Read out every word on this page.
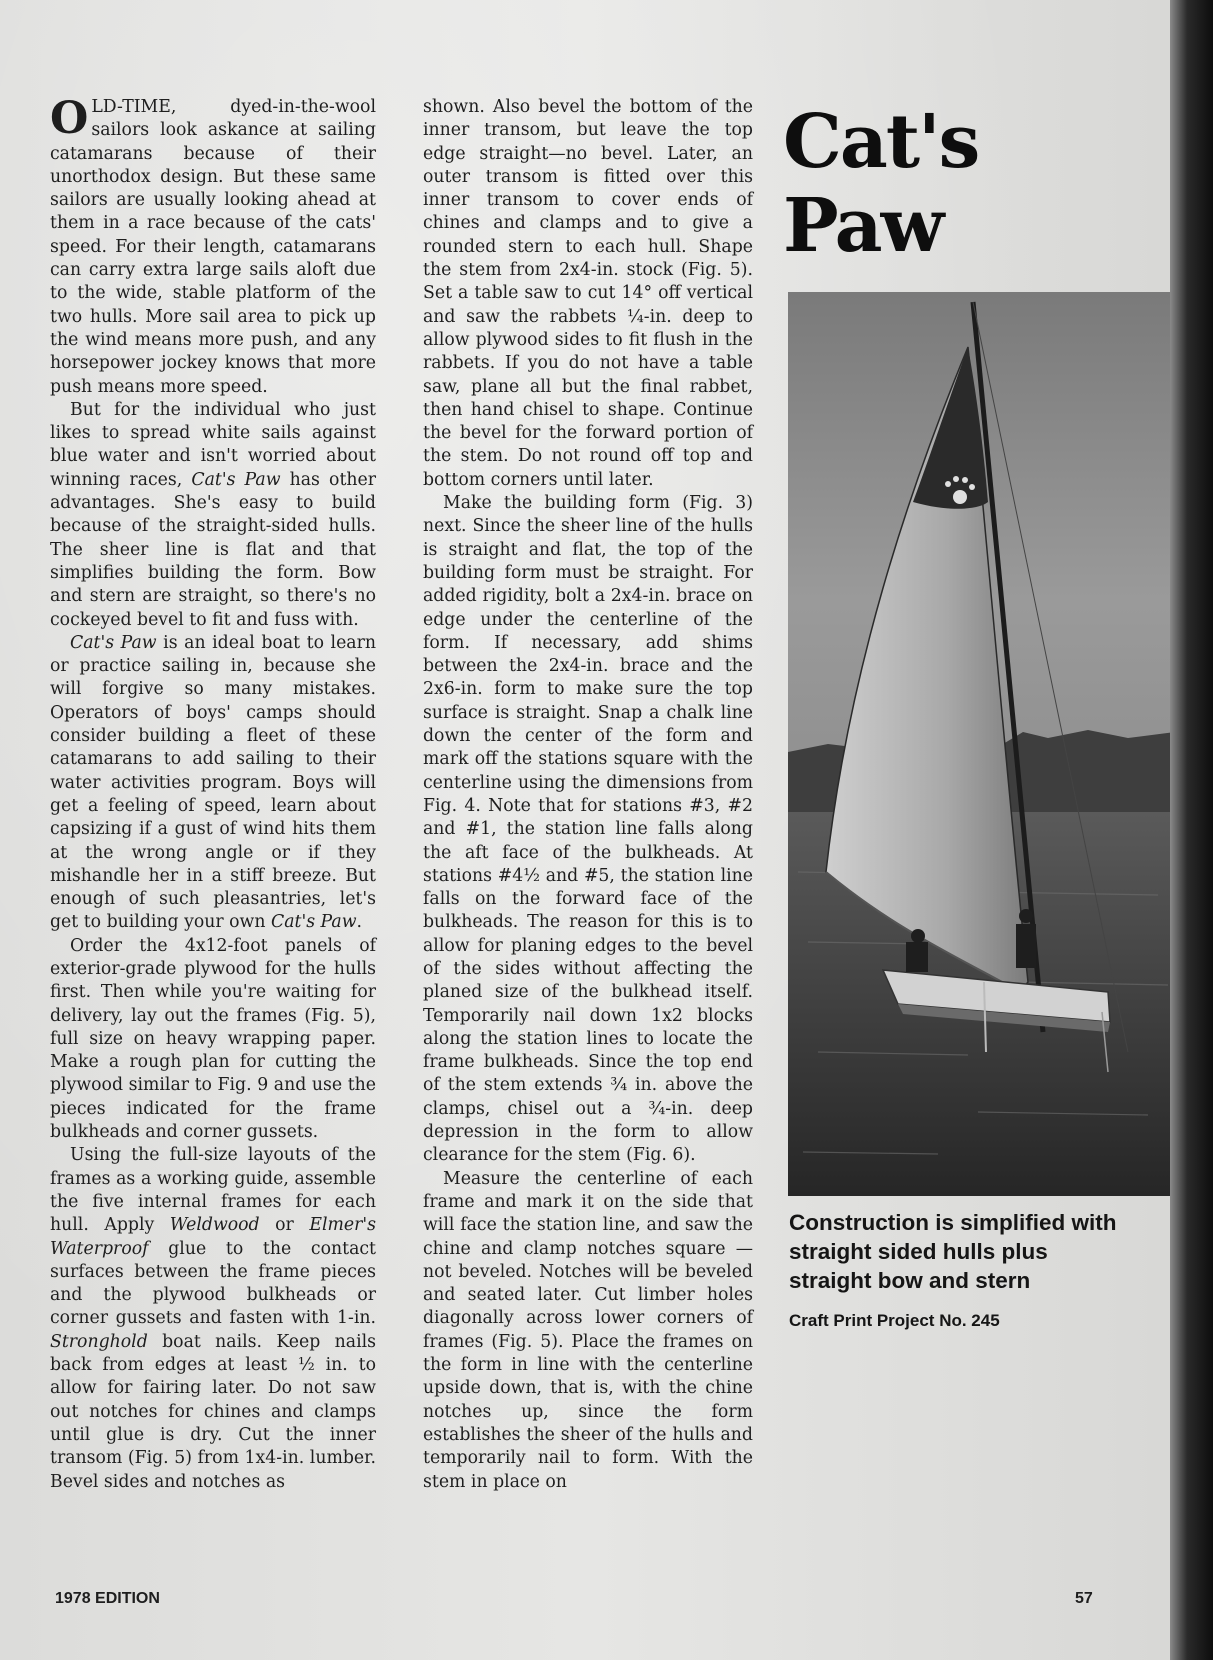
OLD-TIME, dyed-in-the-wool sailors look askance at sailing catamarans because of their unorthodox design. But these same sailors are usually looking ahead at them in a race because of the cats' speed. For their length, catamarans can carry extra large sails aloft due to the wide, stable platform of the two hulls. More sail area to pick up the wind means more push, and any horsepower jockey knows that more push means more speed.

But for the individual who just likes to spread white sails against blue water and isn't worried about winning races, Cat's Paw has other advantages. She's easy to build because of the straight-sided hulls. The sheer line is flat and that simplifies building the form. Bow and stern are straight, so there's no cockeyed bevel to fit and fuss with.

Cat's Paw is an ideal boat to learn or practice sailing in, because she will forgive so many mistakes. Operators of boys' camps should consider building a fleet of these catamarans to add sailing to their water activities program. Boys will get a feeling of speed, learn about capsizing if a gust of wind hits them at the wrong angle or if they mishandle her in a stiff breeze. But enough of such pleasantries, let's get to building your own Cat's Paw.

Order the 4x12-foot panels of exterior-grade plywood for the hulls first. Then while you're waiting for delivery, lay out the frames (Fig. 5), full size on heavy wrapping paper. Make a rough plan for cutting the plywood similar to Fig. 9 and use the pieces indicated for the frame bulkheads and corner gussets.

Using the full-size layouts of the frames as a working guide, assemble the five internal frames for each hull. Apply Weldwood or Elmer's Waterproof glue to the contact surfaces between the frame pieces and the plywood bulkheads or corner gussets and fasten with 1-in. Stronghold boat nails. Keep nails back from edges at least ½ in. to allow for fairing later. Do not saw out notches for chines and clamps until glue is dry. Cut the inner transom (Fig. 5) from 1x4-in. lumber. Bevel sides and notches as

shown. Also bevel the bottom of the inner transom, but leave the top edge straight—no bevel. Later, an outer transom is fitted over this inner transom to cover ends of chines and clamps and to give a rounded stern to each hull. Shape the stem from 2x4-in. stock (Fig. 5). Set a table saw to cut 14° off vertical and saw the rabbets ¼-in. deep to allow plywood sides to fit flush in the rabbets. If you do not have a table saw, plane all but the final rabbet, then hand chisel to shape. Continue the bevel for the forward portion of the stem. Do not round off top and bottom corners until later.

Make the building form (Fig. 3) next. Since the sheer line of the hulls is straight and flat, the top of the building form must be straight. For added rigidity, bolt a 2x4-in. brace on edge under the centerline of the form. If necessary, add shims between the 2x4-in. brace and the 2x6-in. form to make sure the top surface is straight. Snap a chalk line down the center of the form and mark off the stations square with the centerline using the dimensions from Fig. 4. Note that for stations #3, #2 and #1, the station line falls along the aft face of the bulkheads. At stations #4½ and #5, the station line falls on the forward face of the bulkheads. The reason for this is to allow for planing edges to the bevel of the sides without affecting the planed size of the bulkhead itself. Temporarily nail down 1x2 blocks along the station lines to locate the frame bulkheads. Since the top end of the stem extends ¾ in. above the clamps, chisel out a ¾-in. deep depression in the form to allow clearance for the stem (Fig. 6).

Measure the centerline of each frame and mark it on the side that will face the station line, and saw the chine and clamp notches square —not beveled. Notches will be beveled and seated later. Cut limber holes diagonally across lower corners of frames (Fig. 5). Place the frames on the form in line with the centerline upside down, that is, with the chine notches up, since the form establishes the sheer of the hulls and temporarily nail to form. With the stem in place on

Cat's
Paw
Construction is simplified with straight sided hulls plus straight bow and stern
Craft Print Project No. 245
1978 EDITION	57
